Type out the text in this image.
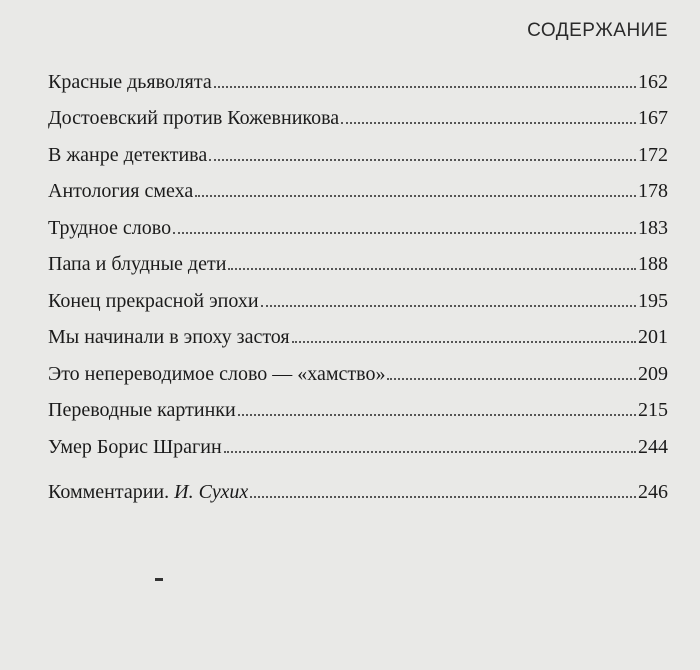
СОДЕРЖАНИЕ
Красные дьяволята	162
Достоевский против Кожевникова	167
В жанре детектива	172
Антология смеха	178
Трудное слово	183
Папа и блудные дети	188
Конец прекрасной эпохи	195
Мы начинали в эпоху застоя	201
Это непереводимое слово — «хамство»	209
Переводные картинки	215
Умер Борис Шрагин	244
Комментарии. И. Сухих	246
